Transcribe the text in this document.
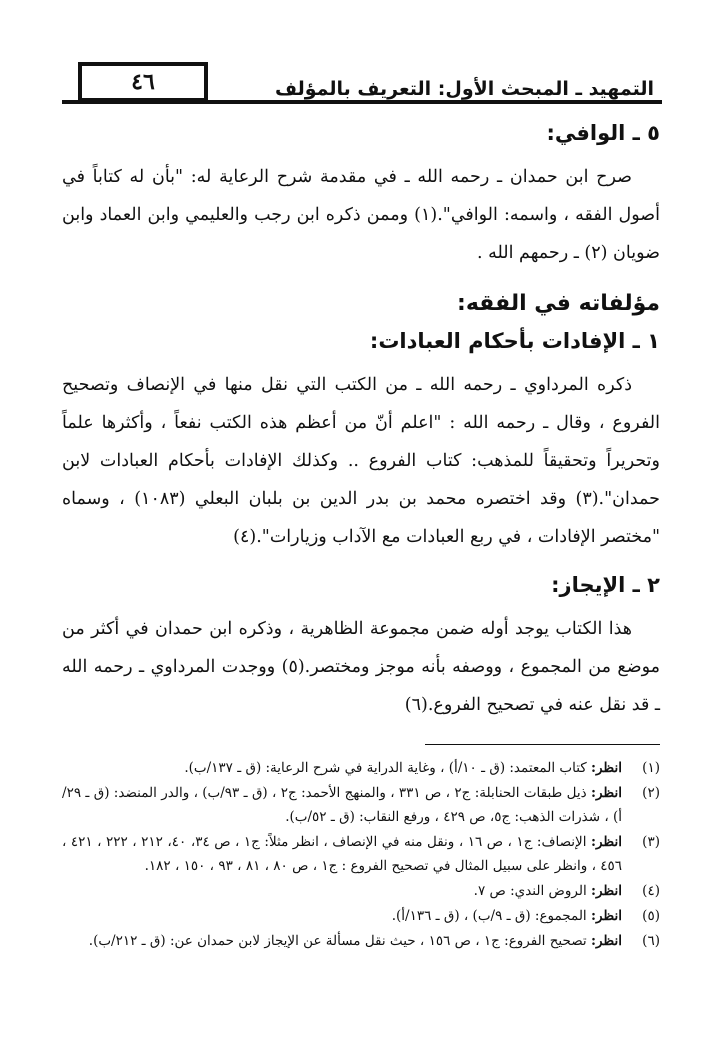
٤٦	التمهيد ـ المبحث الأول: التعريف بالمؤلف
٥ ـ الوافي:

صرح ابن حمدان ـ رحمه الله ـ في مقدمة شرح الرعاية له: "بأن له كتاباً في أصول الفقه ، واسمه: الوافي".(١) وممن ذكره ابن رجب والعليمي وابن العماد وابن ضويان (٢) ـ رحمهم الله .

مؤلفاته في الفقه:
١ ـ الإفادات بأحكام العبادات:

ذكره المرداوي ـ رحمه الله ـ من الكتب التي نقل منها في الإنصاف وتصحيح الفروع ، وقال ـ رحمه الله : "اعلم أنّ من أعظم هذه الكتب نفعاً ، وأكثرها علماً وتحريراً وتحقيقاً للمذهب: كتاب الفروع .. وكذلك الإفادات بأحكام العبادات لابن حمدان".(٣) وقد اختصره محمد بن بدر الدين بن بلبان البعلي (١٠٨٣) ، وسماه "مختصر الإفادات ، في ربع العبادات مع الآداب وزيارات".(٤)

٢ ـ الإيجاز:

هذا الكتاب يوجد أوله ضمن مجموعة الظاهرية ، وذكره ابن حمدان في أكثر من موضع من المجموع ، ووصفه بأنه موجز ومختصر.(٥) ووجدت المرداوي ـ رحمه الله ـ قد نقل عنه في تصحيح الفروع.(٦)

(١)
انظر: كتاب المعتمد: (ق ـ ١٠/أ) ، وغاية الدراية في شرح الرعاية: (ق ـ ١٣٧/ب).
(٢)
انظر: ذيل طبقات الحنابلة: ج٢ ، ص ٣٣١ ، والمنهج الأحمد: ج٢ ، (ق ـ ٩٣/ب) ، والدر المنضد: (ق ـ ٢٩/أ) ، شذرات الذهب: ج٥، ص ٤٢٩ ، ورفع النقاب: (ق ـ ٥٢/ب).
(٣)
انظر: الإنصاف: ج١ ، ص ١٦ ، ونقل منه في الإنصاف ، انظر مثلاً: ج١ ، ص ٣٤، ٤٠، ٢١٢ ، ٢٢٢ ، ٤٢١ ، ٤٥٦ ، وانظر على سبيل المثال في تصحيح الفروع : ج١ ، ص ٨٠ ، ٨١ ، ٩٣ ، ١٥٠ ، ١٨٢.
(٤)
انظر: الروض الندي: ص ٧.
(٥)
انظر: المجموع: (ق ـ ٩/ب) ، (ق ـ ١٣٦/أ).
(٦)
انظر: تصحيح الفروع: ج١ ، ص ١٥٦ ، حيث نقل مسألة عن الإيجاز لابن حمدان عن: (ق ـ ٢١٢/ب).
